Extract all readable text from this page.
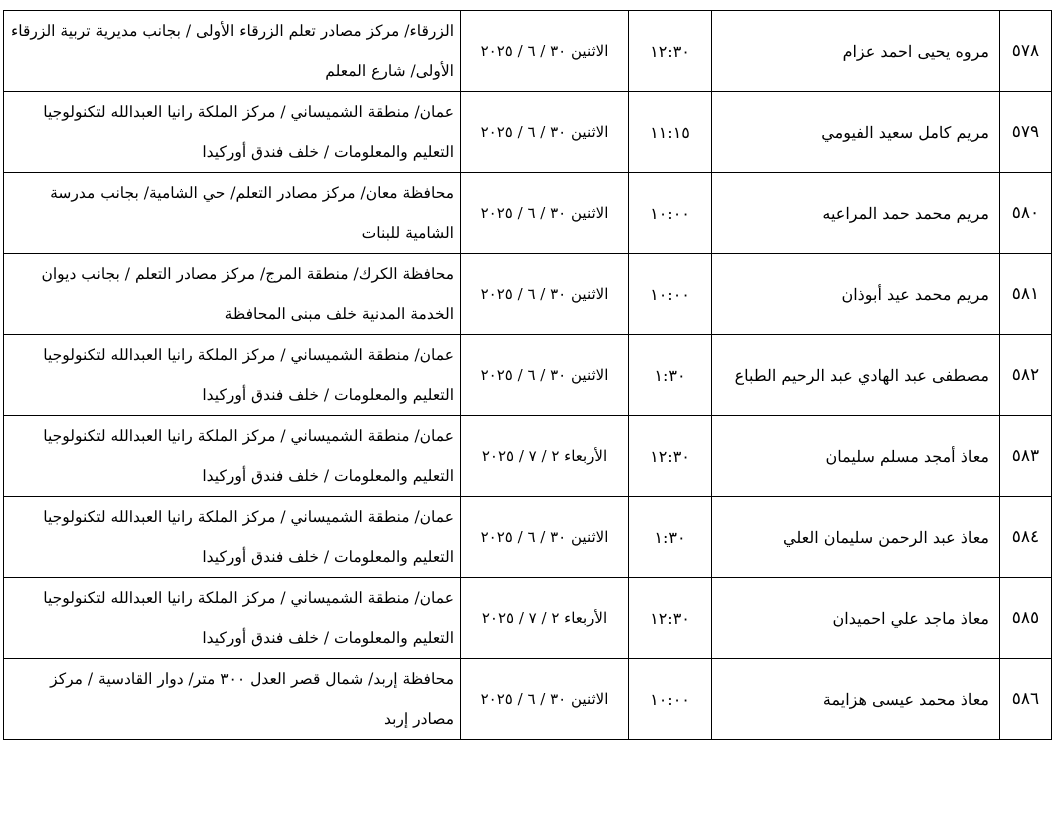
٥٧٨	مروه يحيى احمد عزام	١٢:٣٠	الاثنين ٣٠ / ٦ / ٢٠٢٥	الزرقاء/ مركز مصادر تعلم الزرقاء الأولى / بجانب مديرية تربية الزرقاء الأولى/ شارع المعلم
٥٧٩	مريم كامل سعيد الفيومي	١١:١٥	الاثنين ٣٠ / ٦ / ٢٠٢٥	عمان/ منطقة الشميساني / مركز الملكة رانيا العبدالله لتكنولوجيا التعليم والمعلومات / خلف فندق أوركيدا
٥٨٠	مريم محمد حمد المراعيه	١٠:٠٠	الاثنين ٣٠ / ٦ / ٢٠٢٥	محافظة معان/ مركز مصادر التعلم/ حي الشامية/ بجانب مدرسة الشامية للبنات
٥٨١	مريم محمد عيد أبوذان	١٠:٠٠	الاثنين ٣٠ / ٦ / ٢٠٢٥	محافظة الكرك/ منطقة المرج/ مركز مصادر التعلم / بجانب ديوان الخدمة المدنية خلف مبنى المحافظة
٥٨٢	مصطفى عبد الهادي عبد الرحيم الطباع	١:٣٠	الاثنين ٣٠ / ٦ / ٢٠٢٥	عمان/ منطقة الشميساني / مركز الملكة رانيا العبدالله لتكنولوجيا التعليم والمعلومات / خلف فندق أوركيدا
٥٨٣	معاذ أمجد مسلم سليمان	١٢:٣٠	الأربعاء ٢ / ٧ / ٢٠٢٥	عمان/ منطقة الشميساني / مركز الملكة رانيا العبدالله لتكنولوجيا التعليم والمعلومات / خلف فندق أوركيدا
٥٨٤	معاذ عبد الرحمن سليمان العلي	١:٣٠	الاثنين ٣٠ / ٦ / ٢٠٢٥	عمان/ منطقة الشميساني / مركز الملكة رانيا العبدالله لتكنولوجيا التعليم والمعلومات / خلف فندق أوركيدا
٥٨٥	معاذ ماجد علي احميدان	١٢:٣٠	الأربعاء ٢ / ٧ / ٢٠٢٥	عمان/ منطقة الشميساني / مركز الملكة رانيا العبدالله لتكنولوجيا التعليم والمعلومات / خلف فندق أوركيدا
٥٨٦	معاذ محمد عيسى هزايمة	١٠:٠٠	الاثنين ٣٠ / ٦ / ٢٠٢٥	محافظة إربد/ شمال قصر العدل ٣٠٠ متر/ دوار القادسية / مركز مصادر إربد
